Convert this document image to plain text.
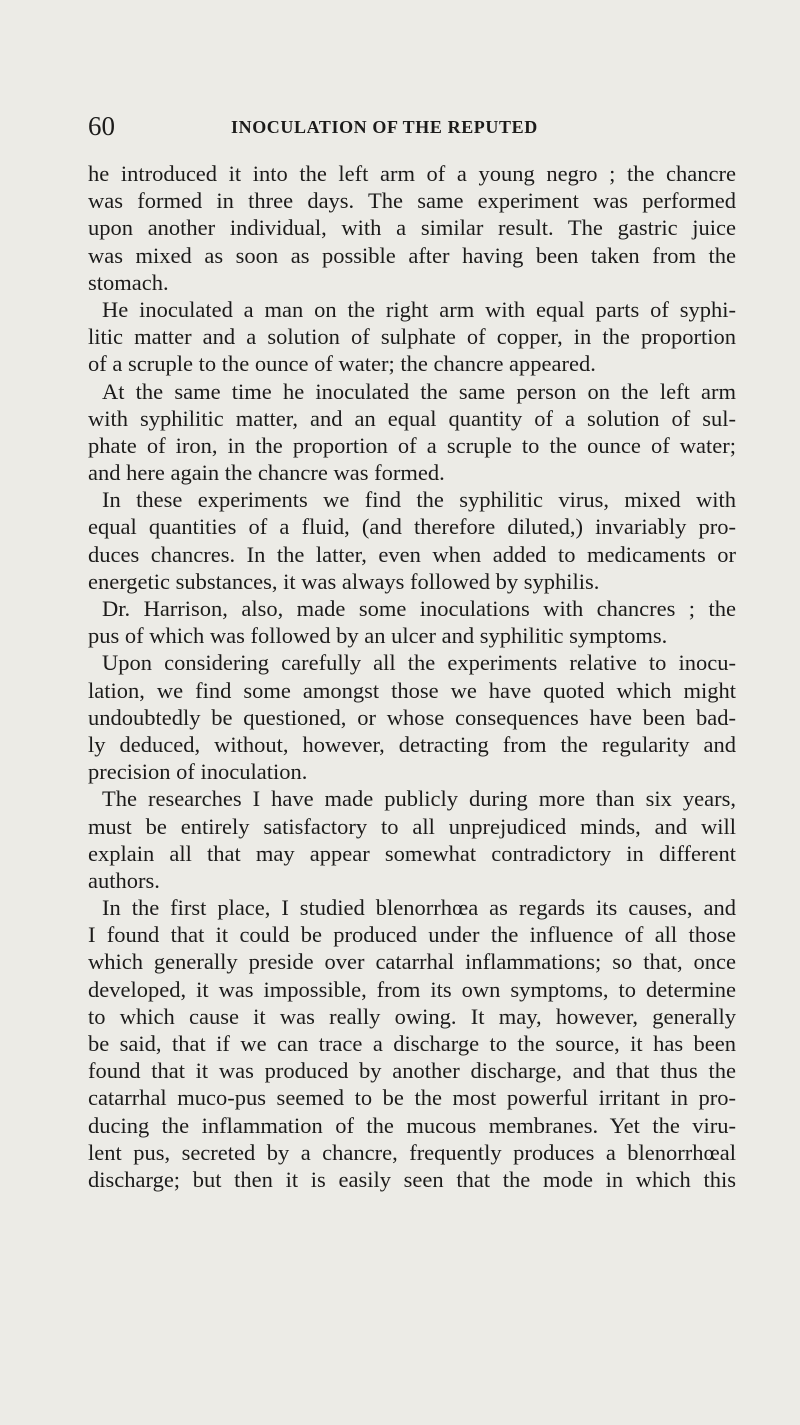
60	INOCULATION OF THE REPUTED
he introduced it into the left arm of a young negro ; the chancre
was formed in three days. The same experiment was performed
upon another individual, with a similar result. The gastric juice
was mixed as soon as possible after having been taken from the
stomach.
He inoculated a man on the right arm with equal parts of syphi-
litic matter and a solution of sulphate of copper, in the proportion
of a scruple to the ounce of water; the chancre appeared.
At the same time he inoculated the same person on the left arm
with syphilitic matter, and an equal quantity of a solution of sul-
phate of iron, in the proportion of a scruple to the ounce of water;
and here again the chancre was formed.
In these experiments we find the syphilitic virus, mixed with
equal quantities of a fluid, (and therefore diluted,) invariably pro-
duces chancres. In the latter, even when added to medicaments or
energetic substances, it was always followed by syphilis.
Dr. Harrison, also, made some inoculations with chancres ; the
pus of which was followed by an ulcer and syphilitic symptoms.
Upon considering carefully all the experiments relative to inocu-
lation, we find some amongst those we have quoted which might
undoubtedly be questioned, or whose consequences have been bad-
ly deduced, without, however, detracting from the regularity and
precision of inoculation.
The researches I have made publicly during more than six years,
must be entirely satisfactory to all unprejudiced minds, and will
explain all that may appear somewhat contradictory in different
authors.
In the first place, I studied blenorrhœa as regards its causes, and
I found that it could be produced under the influence of all those
which generally preside over catarrhal inflammations; so that, once
developed, it was impossible, from its own symptoms, to determine
to which cause it was really owing. It may, however, generally
be said, that if we can trace a discharge to the source, it has been
found that it was produced by another discharge, and that thus the
catarrhal muco-pus seemed to be the most powerful irritant in pro-
ducing the inflammation of the mucous membranes. Yet the viru-
lent pus, secreted by a chancre, frequently produces a blenorrhœal
discharge; but then it is easily seen that the mode in which this
